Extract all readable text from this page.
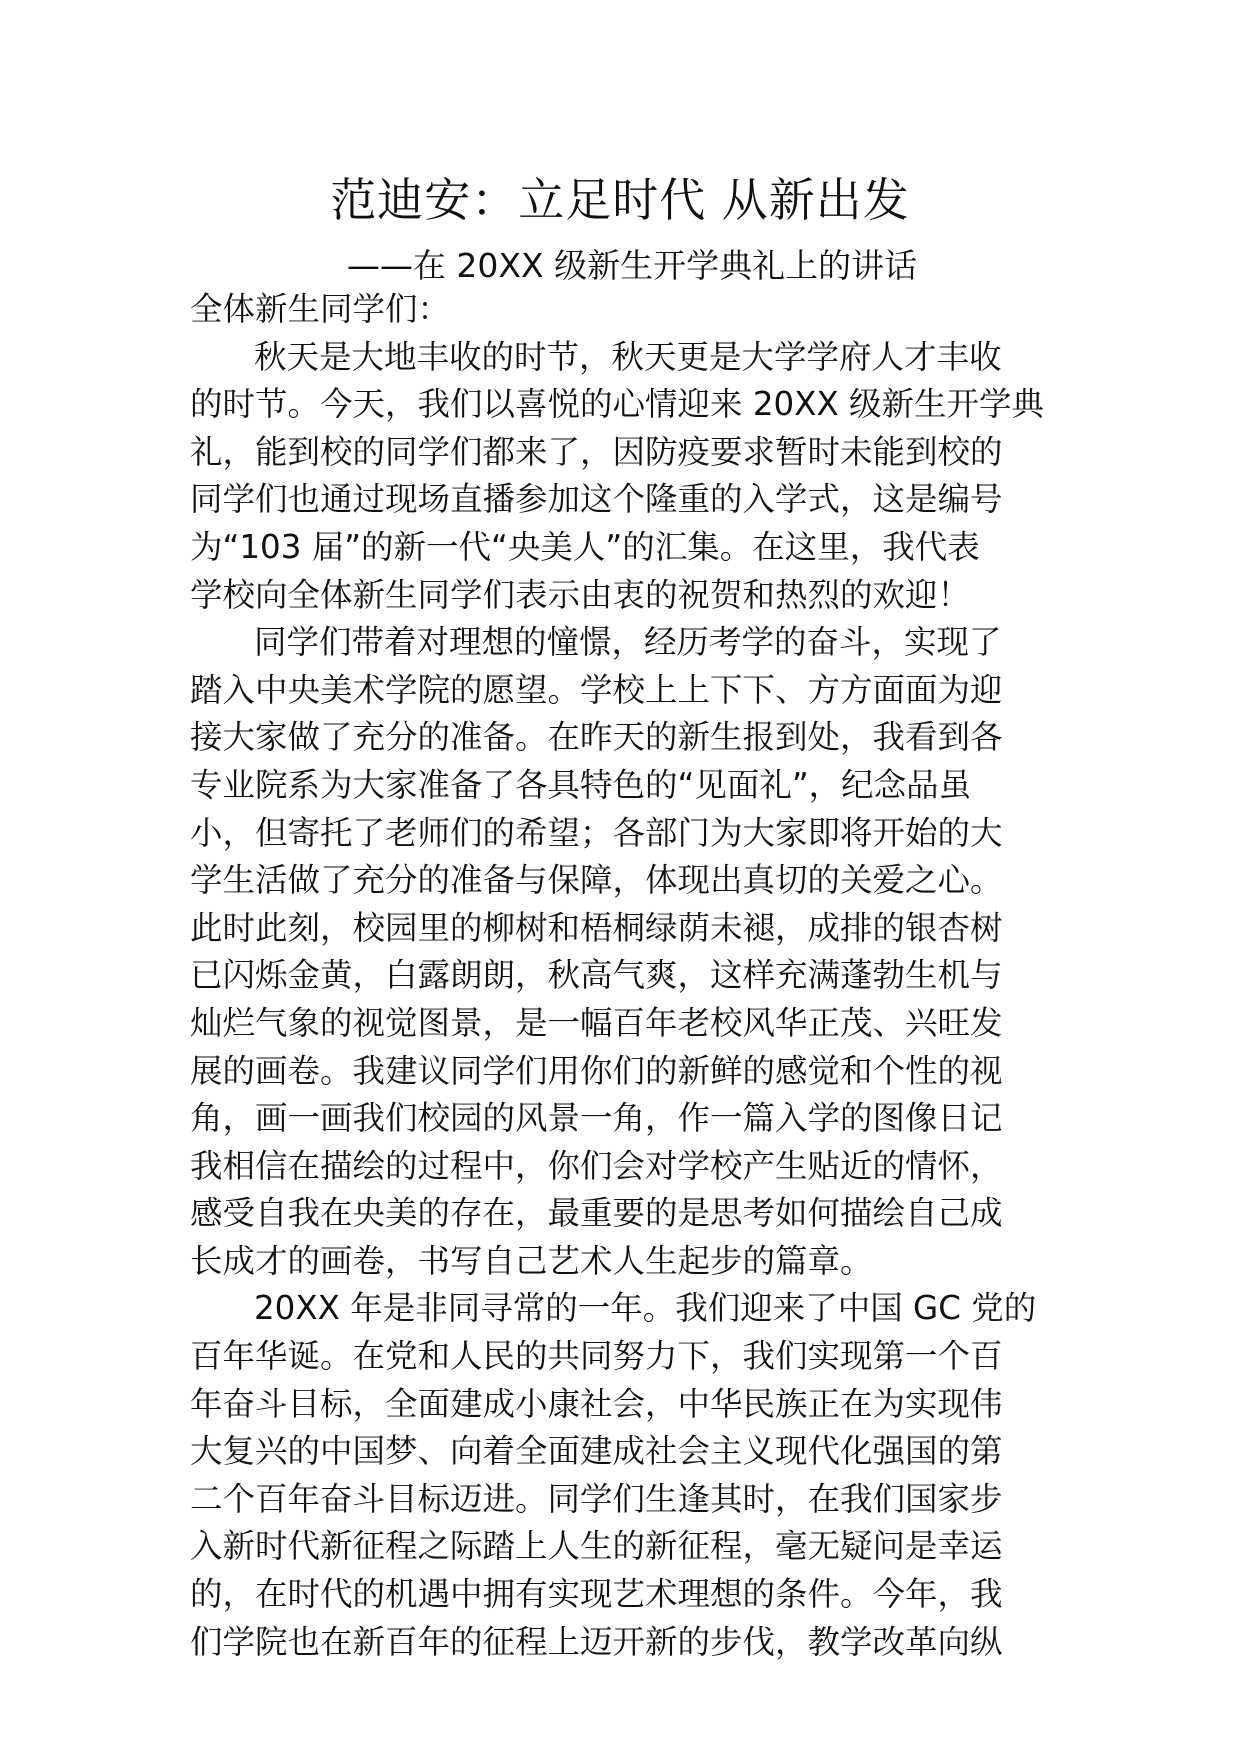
范迪安：立足时代 从新出发
——在 20XX 级新生开学典礼上的讲话
全体新生同学们：
秋天是大地丰收的时节，秋天更是大学学府人才丰收
的时节。今天，我们以喜悦的心情迎来 20XX 级新生开学典
礼，能到校的同学们都来了，因防疫要求暂时未能到校的
同学们也通过现场直播参加这个隆重的入学式，这是编号
为“103 届”的新一代“央美人”的汇集。在这里，我代表
学校向全体新生同学们表示由衷的祝贺和热烈的欢迎！
同学们带着对理想的憧憬，经历考学的奋斗，实现了
踏入中央美术学院的愿望。学校上上下下、方方面面为迎
接大家做了充分的准备。在昨天的新生报到处，我看到各
专业院系为大家准备了各具特色的“见面礼”，纪念品虽
小，但寄托了老师们的希望；各部门为大家即将开始的大
学生活做了充分的准备与保障，体现出真切的关爱之心。
此时此刻，校园里的柳树和梧桐绿荫未褪，成排的银杏树
已闪烁金黄，白露朗朗，秋高气爽，这样充满蓬勃生机与
灿烂气象的视觉图景，是一幅百年老校风华正茂、兴旺发
展的画卷。我建议同学们用你们的新鲜的感觉和个性的视
角，画一画我们校园的风景一角，作一篇入学的图像日记
我相信在描绘的过程中，你们会对学校产生贴近的情怀，
感受自我在央美的存在，最重要的是思考如何描绘自己成
长成才的画卷，书写自己艺术人生起步的篇章。
20XX 年是非同寻常的一年。我们迎来了中国 GC 党的
百年华诞。在党和人民的共同努力下，我们实现第一个百
年奋斗目标，全面建成小康社会，中华民族正在为实现伟
大复兴的中国梦、向着全面建成社会主义现代化强国的第
二个百年奋斗目标迈进。同学们生逢其时，在我们国家步
入新时代新征程之际踏上人生的新征程，毫无疑问是幸运
的，在时代的机遇中拥有实现艺术理想的条件。今年，我
们学院也在新百年的征程上迈开新的步伐，教学改革向纵
